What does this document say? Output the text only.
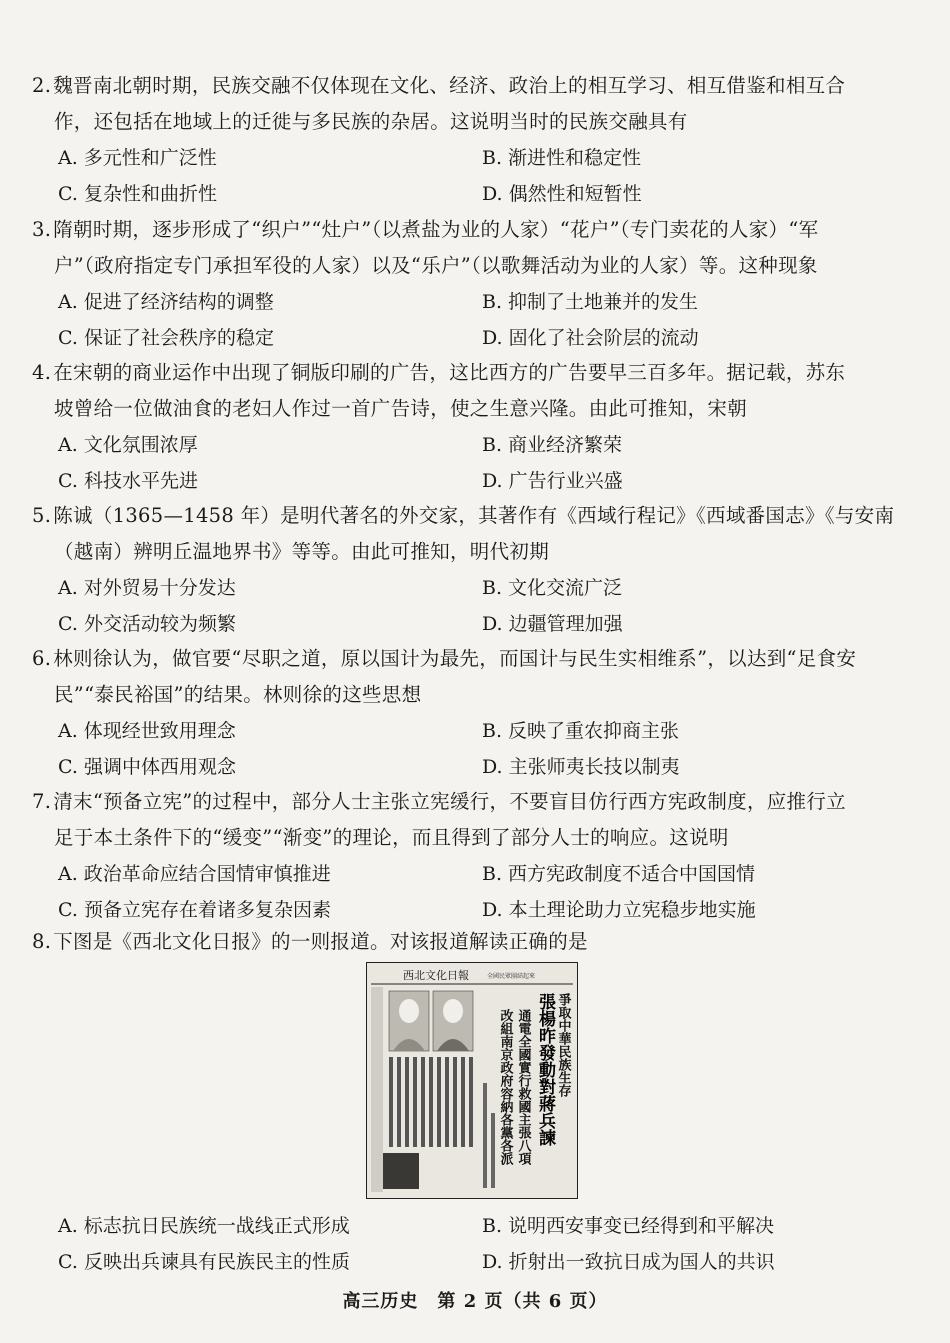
2. 魏晋南北朝时期，民族交融不仅体现在文化、经济、政治上的相互学习、相互借鉴和相互合
作，还包括在地域上的迁徙与多民族的杂居。这说明当时的民族交融具有
A. 多元性和广泛性	B. 渐进性和稳定性
C. 复杂性和曲折性	D. 偶然性和短暂性
3. 隋朝时期，逐步形成了“织户”“灶户”（以煮盐为业的人家）“花户”（专门卖花的人家）“军
户”（政府指定专门承担军役的人家）以及“乐户”（以歌舞活动为业的人家）等。这种现象
A. 促进了经济结构的调整	B. 抑制了土地兼并的发生
C. 保证了社会秩序的稳定	D. 固化了社会阶层的流动
4. 在宋朝的商业运作中出现了铜版印刷的广告，这比西方的广告要早三百多年。据记载，苏东
坡曾给一位做油食的老妇人作过一首广告诗，使之生意兴隆。由此可推知，宋朝
A. 文化氛围浓厚	B. 商业经济繁荣
C. 科技水平先进	D. 广告行业兴盛
5. 陈诚（1365—1458 年）是明代著名的外交家，其著作有《西域行程记》《西域番国志》《与安南
（越南）辨明丘温地界书》等等。由此可推知，明代初期
A. 对外贸易十分发达	B. 文化交流广泛
C. 外交活动较为频繁	D. 边疆管理加强
6. 林则徐认为，做官要“尽职之道，原以国计为最先，而国计与民生实相维系”，以达到“足食安
民”“泰民裕国”的结果。林则徐的这些思想
A. 体现经世致用理念	B. 反映了重农抑商主张
C. 强调中体西用观念	D. 主张师夷长技以制夷
7. 清末“预备立宪”的过程中，部分人士主张立宪缓行，不要盲目仿行西方宪政制度，应推行立
足于本土条件下的“缓变”“渐变”的理论，而且得到了部分人士的响应。这说明
A. 政治革命应结合国情审慎推进	B. 西方宪政制度不适合中国国情
C. 预备立宪存在着诸多复杂因素	D. 本土理论助力立宪稳步地实施
8. 下图是《西北文化日报》的一则报道。对该报道解读正确的是
西北文化日報	全國民眾團結起來
爭取中華民族生存
張楊昨發動對蔣兵諫
通電全國實行救國主張八項
改組南京政府容納各黨各派
A. 标志抗日民族统一战线正式形成	B. 说明西安事变已经得到和平解决
C. 反映出兵谏具有民族民主的性质	D. 折射出一致抗日成为国人的共识
高三历史　第 2 页（共 6 页）
